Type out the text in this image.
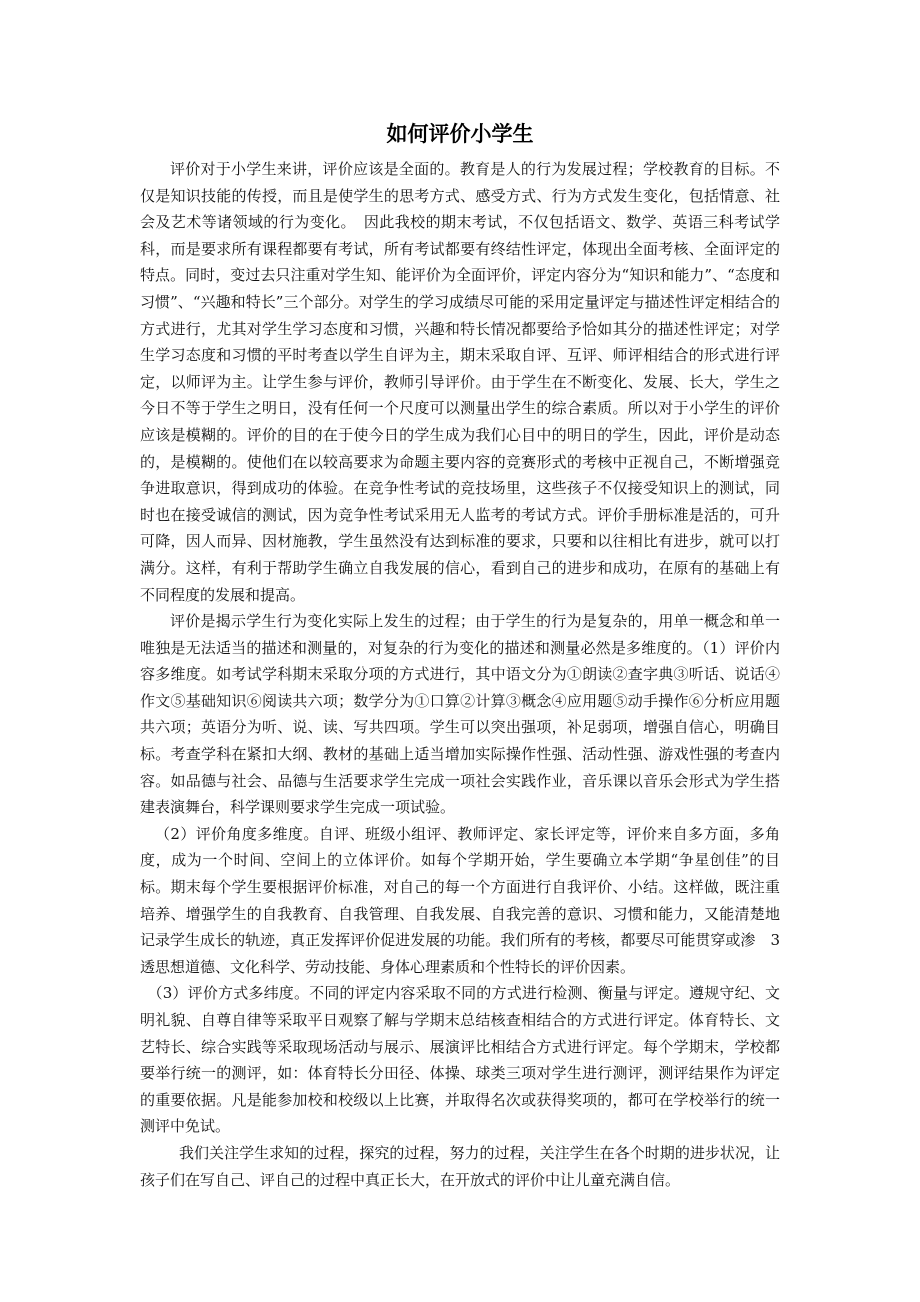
如何评价小学生

评价对于小学生来讲，评价应该是全面的。教育是人的行为发展过程；学校教育的目标。不仅是知识技能的传授，而且是使学生的思考方式、感受方式、行为方式发生变化，包括情意、社会及艺术等诸领域的行为变化。　因此我校的期末考试，不仅包括语文、数学、英语三科考试学科，而是要求所有课程都要有考试，所有考试都要有终结性评定，体现出全面考核、全面评定的特点。同时，变过去只注重对学生知、能评价为全面评价，评定内容分为“知识和能力”、“态度和习惯”、“兴趣和特长”三个部分。对学生的学习成绩尽可能的采用定量评定与描述性评定相结合的方式进行，尤其对学生学习态度和习惯，兴趣和特长情况都要给予恰如其分的描述性评定；对学生学习态度和习惯的平时考查以学生自评为主，期末采取自评、互评、师评相结合的形式进行评定，以师评为主。让学生参与评价，教师引导评价。由于学生在不断变化、发展、长大，学生之今日不等于学生之明日，没有任何一个尺度可以测量出学生的综合素质。所以对于小学生的评价应该是模糊的。评价的目的在于使今日的学生成为我们心目中的明日的学生，因此，评价是动态的，是模糊的。使他们在以较高要求为命题主要内容的竞赛形式的考核中正视自己，不断增强竞争进取意识，得到成功的体验。在竞争性考试的竞技场里，这些孩子不仅接受知识上的测试，同时也在接受诚信的测试，因为竞争性考试采用无人监考的考试方式。评价手册标准是活的，可升可降，因人而异、因材施教，学生虽然没有达到标准的要求，只要和以往相比有进步，就可以打满分。这样，有利于帮助学生确立自我发展的信心，看到自己的进步和成功，在原有的基础上有不同程度的发展和提高。

评价是揭示学生行为变化实际上发生的过程；由于学生的行为是复杂的，用单一概念和单一唯独是无法适当的描述和测量的，对复杂的行为变化的描述和测量必然是多维度的。（1）评价内容多维度。如考试学科期末采取分项的方式进行，其中语文分为①朗读②查字典③听话、说话④作文⑤基础知识⑥阅读共六项；数学分为①口算②计算③概念④应用题⑤动手操作⑥分析应用题共六项；英语分为听、说、读、写共四项。学生可以突出强项，补足弱项，增强自信心，明确目标。考查学科在紧扣大纲、教材的基础上适当增加实际操作性强、活动性强、游戏性强的考查内容。如品德与社会、品德与生活要求学生完成一项社会实践作业，音乐课以音乐会形式为学生搭建表演舞台，科学课则要求学生完成一项试验。

（2）评价角度多维度。自评、班级小组评、教师评定、家长评定等，评价来自多方面，多角度，成为一个时间、空间上的立体评价。如每个学期开始，学生要确立本学期“争星创佳”的目标。期末每个学生要根据评价标准，对自己的每一个方面进行自我评价、小结。这样做，既注重培养、增强学生的自我教育、自我管理、自我发展、自我完善的意识、习惯和能力，又能清楚地记录学生成长的轨迹，真正发挥评价促进发展的功能。我们所有的考核，都要尽可能贯穿或渗　3　透思想道德、文化科学、劳动技能、身体心理素质和个性特长的评价因素。

（3）评价方式多纬度。不同的评定内容采取不同的方式进行检测、衡量与评定。遵规守纪、文明礼貌、自尊自律等采取平日观察了解与学期末总结核查相结合的方式进行评定。体育特长、文艺特长、综合实践等采取现场活动与展示、展演评比相结合方式进行评定。每个学期末，学校都要举行统一的测评，如：体育特长分田径、体操、球类三项对学生进行测评，测评结果作为评定的重要依据。凡是能参加校和校级以上比赛，并取得名次或获得奖项的，都可在学校举行的统一测评中免试。

我们关注学生求知的过程，探究的过程，努力的过程，关注学生在各个时期的进步状况，让孩子们在写自己、评自己的过程中真正长大，在开放式的评价中让儿童充满自信。
